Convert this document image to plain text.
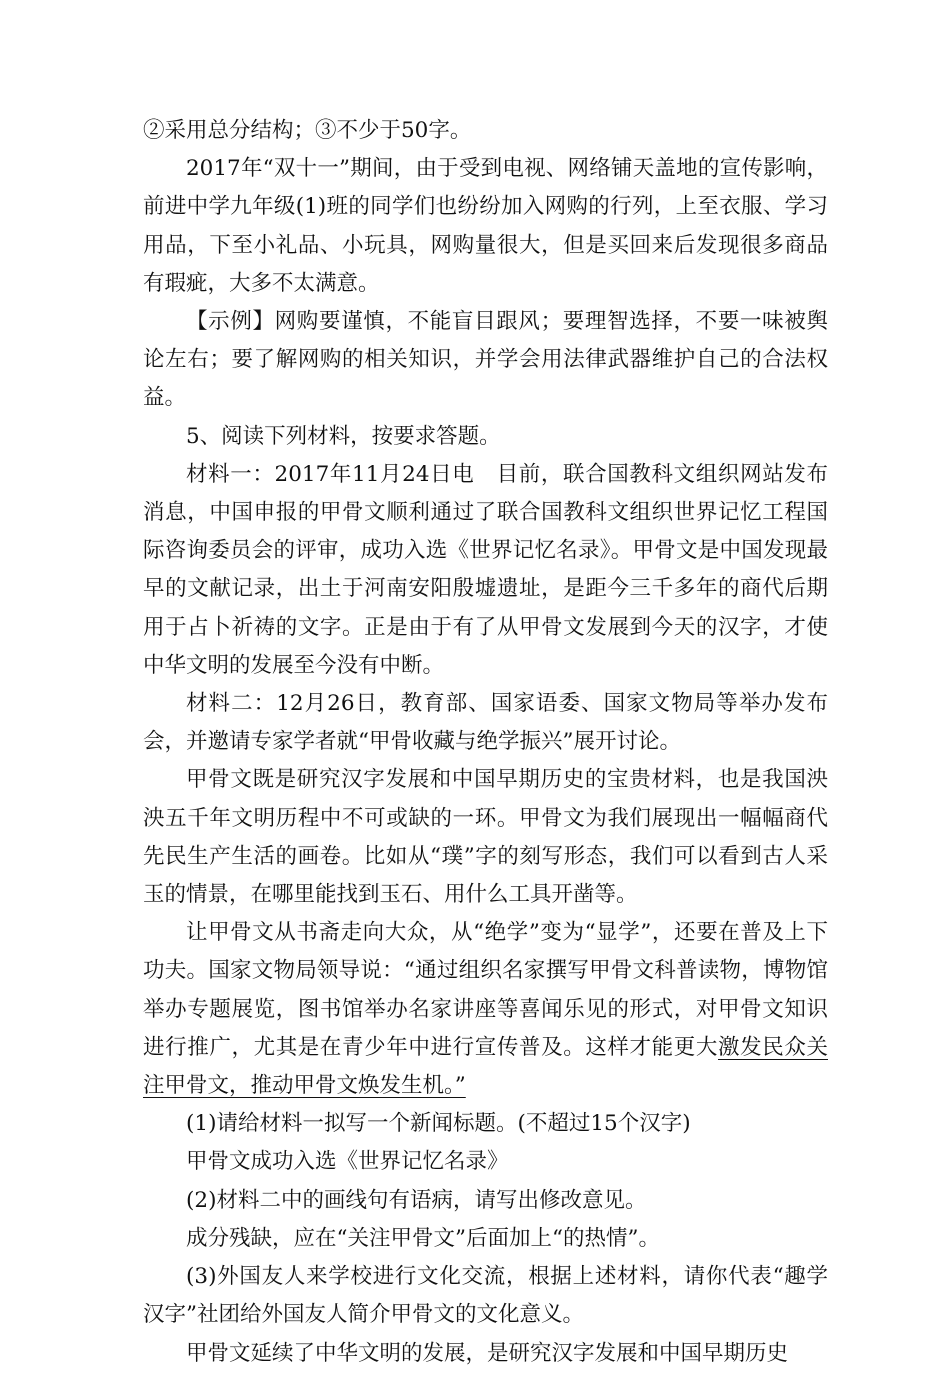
②采用总分结构；③不少于50字。

2017年“双十一”期间，由于受到电视、网络铺天盖地的宣传影响，前进中学九年级(1)班的同学们也纷纷加入网购的行列，上至衣服、学习用品，下至小礼品、小玩具，网购量很大，但是买回来后发现很多商品有瑕疵，大多不太满意。

【示例】网购要谨慎，不能盲目跟风；要理智选择，不要一味被舆论左右；要了解网购的相关知识，并学会用法律武器维护自己的合法权益。

5、阅读下列材料，按要求答题。

材料一：2017年11月24日电　目前，联合国教科文组织网站发布消息，中国申报的甲骨文顺利通过了联合国教科文组织世界记忆工程国际咨询委员会的评审，成功入选《世界记忆名录》。甲骨文是中国发现最早的文献记录，出土于河南安阳殷墟遗址，是距今三千多年的商代后期用于占卜祈祷的文字。正是由于有了从甲骨文发展到今天的汉字，才使中华文明的发展至今没有中断。

材料二：12月26日，教育部、国家语委、国家文物局等举办发布会，并邀请专家学者就“甲骨收藏与绝学振兴”展开讨论。

甲骨文既是研究汉字发展和中国早期历史的宝贵材料，也是我国泱泱五千年文明历程中不可或缺的一环。甲骨文为我们展现出一幅幅商代先民生产生活的画卷。比如从“璞”字的刻写形态，我们可以看到古人采玉的情景，在哪里能找到玉石、用什么工具开凿等。

让甲骨文从书斋走向大众，从“绝学”变为“显学”，还要在普及上下功夫。国家文物局领导说：“通过组织名家撰写甲骨文科普读物，博物馆举办专题展览，图书馆举办名家讲座等喜闻乐见的形式，对甲骨文知识进行推广，尤其是在青少年中进行宣传普及。这样才能更大激发民众关注甲骨文，推动甲骨文焕发生机。”

(1)请给材料一拟写一个新闻标题。(不超过15个汉字)

甲骨文成功入选《世界记忆名录》

(2)材料二中的画线句有语病，请写出修改意见。

成分残缺，应在“关注甲骨文”后面加上“的热情”。

(3)外国友人来学校进行文化交流，根据上述材料，请你代表“趣学汉字”社团给外国友人简介甲骨文的文化意义。

甲骨文延续了中华文明的发展，是研究汉字发展和中国早期历史
